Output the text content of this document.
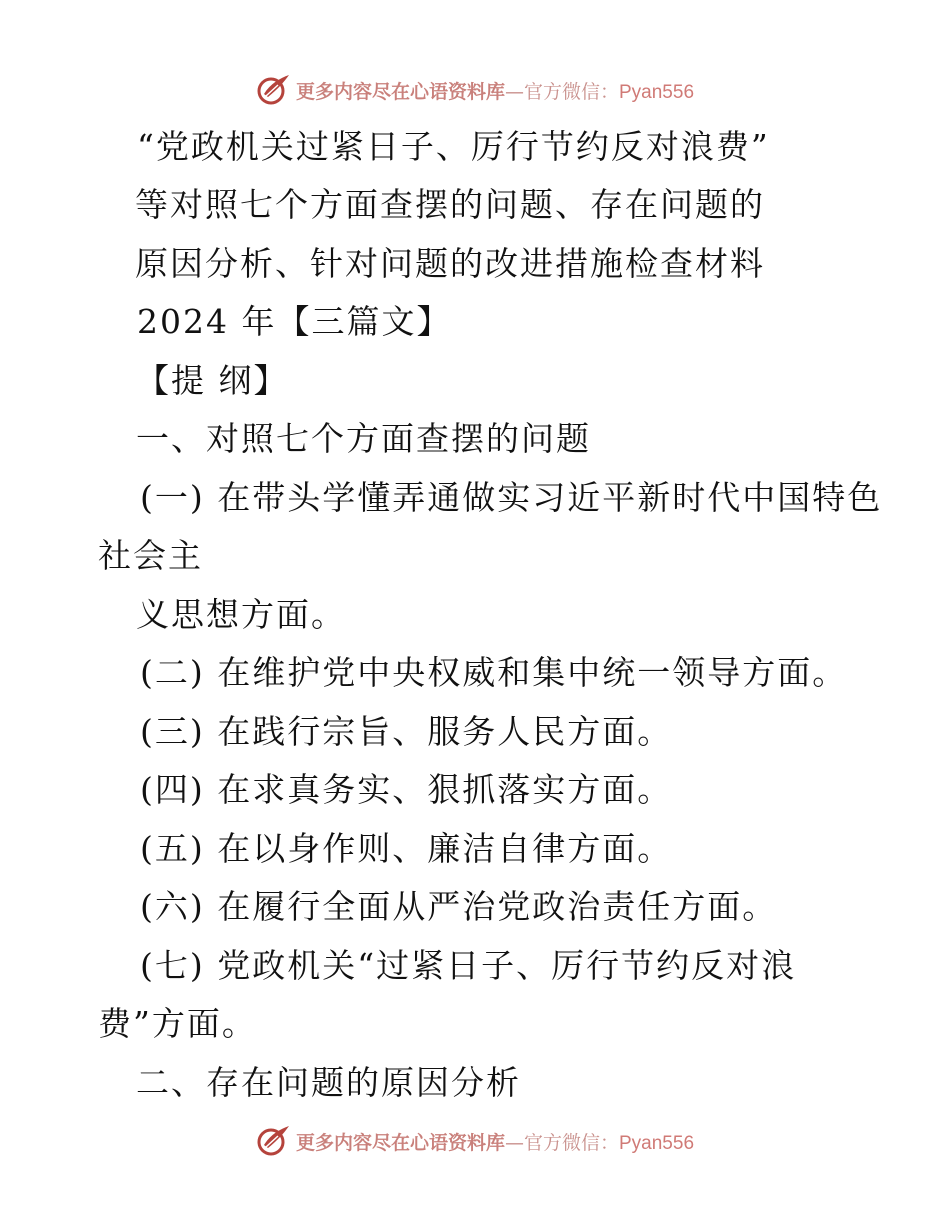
更多内容尽在心语资料库—官方微信：Pyan556
“党政机关过紧日子、厉行节约反对浪费”
等对照七个方面查摆的问题、存在问题的
原因分析、针对问题的改进措施检查材料
2024 年【三篇文】
【提 纲】
一、对照七个方面查摆的问题
(一) 在带头学懂弄通做实习近平新时代中国特色
社会主
义思想方面。
(二) 在维护党中央权威和集中统一领导方面。
(三) 在践行宗旨、服务人民方面。
(四) 在求真务实、狠抓落实方面。
(五) 在以身作则、廉洁自律方面。
(六) 在履行全面从严治党政治责任方面。
(七) 党政机关“过紧日子、厉行节约反对浪
费”方面。
二、存在问题的原因分析
更多内容尽在心语资料库—官方微信：Pyan556
